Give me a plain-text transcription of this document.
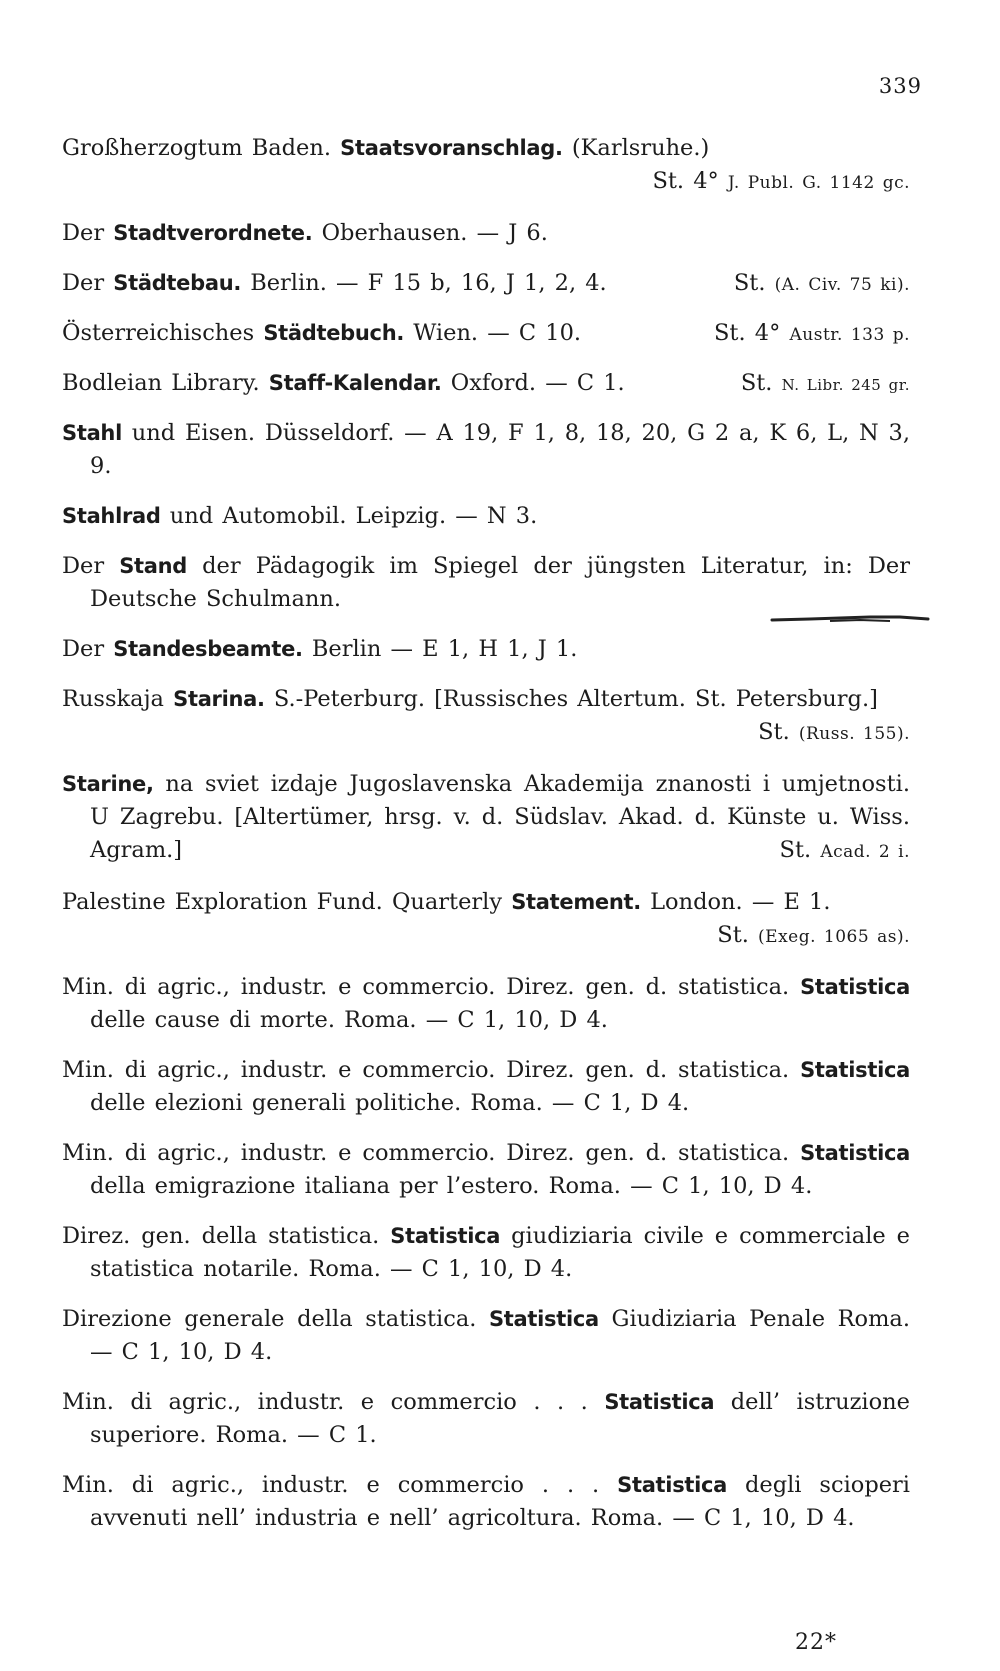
339

Großherzogtum Baden. Staatsvoranschlag. (Karlsruhe.)
St. 4° J. Publ. G. 1142 gc.

Der Stadtverordnete. Oberhausen. — J 6.

St. (A. Civ. 75 ki).
Der Städtebau. Berlin. — F 15 b, 16, J 1, 2, 4.

St. 4° Austr. 133 p.
Österreichisches Städtebuch. Wien. — C 10.

St. N. Libr. 245 gr.
Bodleian Library. Staff-Kalendar. Oxford. — C 1.

Stahl und Eisen. Düsseldorf. — A 19, F 1, 8, 18, 20, G 2 a, K 6, L, N 3, 9.

Stahlrad und Automobil. Leipzig. — N 3.

Der Stand der Pädagogik im Spiegel der jüngsten Literatur, in: Der Deutsche Schulmann.

Der Standesbeamte. Berlin — E 1, H 1, J 1.

Russkaja Starina. S.-Peterburg. [Russisches Altertum. St. Petersburg.]
St. (Russ. 155).

Starine, na sviet izdaje Jugoslavenska Akademija znanosti i umjetnosti. U Zagrebu. [Altertümer, hrsg. v. d. Südslav. Akad. d. Künste u. Wiss. Agram.]	St. Acad. 2 i.

Palestine Exploration Fund. Quarterly Statement. London. — E 1.
St. (Exeg. 1065 as).

Min. di agric., industr. e commercio. Direz. gen. d. statistica. Statistica delle cause di morte. Roma. — C 1, 10, D 4.

Min. di agric., industr. e commercio. Direz. gen. d. statistica. Statistica delle elezioni generali politiche. Roma. — C 1, D 4.

Min. di agric., industr. e commercio. Direz. gen. d. statistica. Statistica della emigrazione italiana per l’estero. Roma. — C 1, 10, D 4.

Direz. gen. della statistica. Statistica giudiziaria civile e commerciale e statistica notarile. Roma. — C 1, 10, D 4.

Direzione generale della statistica. Statistica Giudiziaria Penale Roma. — C 1, 10, D 4.

Min. di agric., industr. e commercio . . . Statistica dell’ istruzione superiore. Roma. — C 1.

Min. di agric., industr. e commercio . . . Statistica degli scioperi avvenuti nell’ industria e nell’ agricoltura. Roma. — C 1, 10, D 4.

22*
